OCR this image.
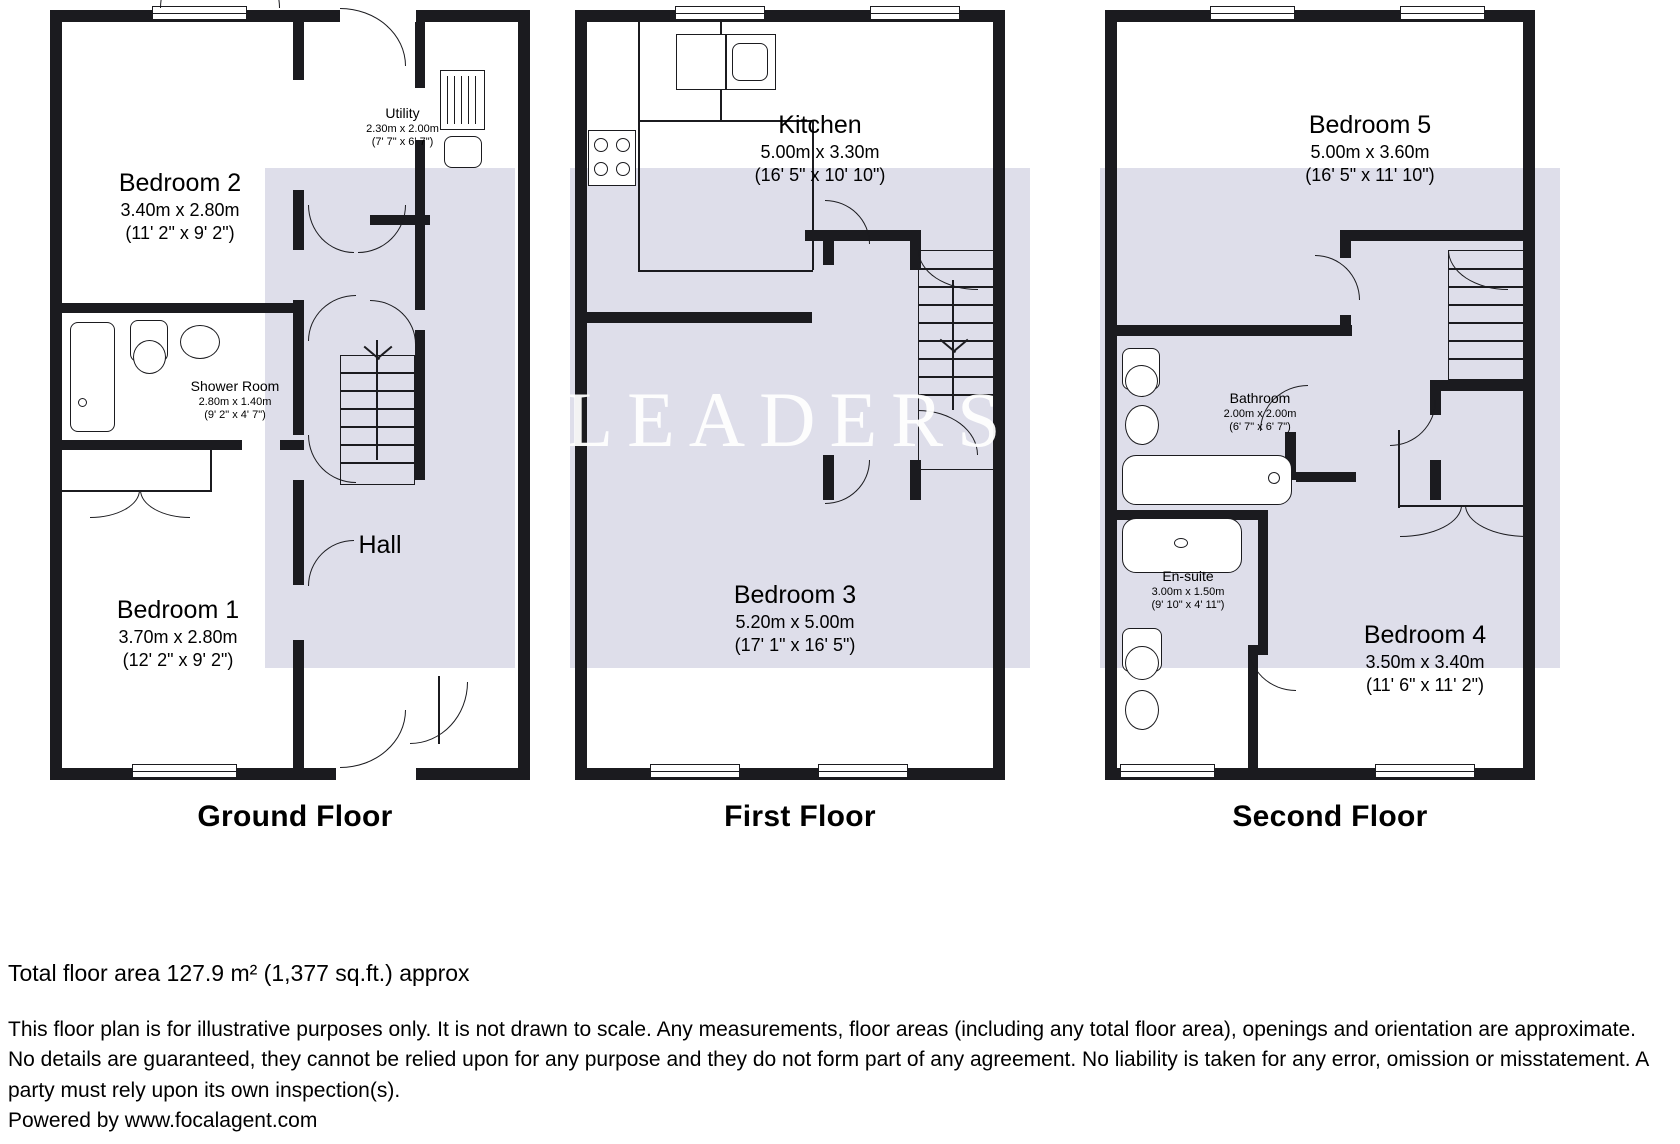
LEADERS
Bedroom 2
3.40m x 2.80m
(11' 2" x 9' 2")
Bedroom 1
3.70m x 2.80m
(12' 2" x 9' 2")
Utility
2.30m x 2.00m
(7' 7" x 6' 7")
Shower Room
2.80m x 1.40m
(9' 2" x 4' 7")
Hall
Ground Floor
Kitchen
5.00m x 3.30m
(16' 5" x 10' 10")
Bedroom 3
5.20m x 5.00m
(17' 1" x 16' 5")
First Floor
Bedroom 5
5.00m x 3.60m
(16' 5" x 11' 10")
Bathroom
2.00m x 2.00m
(6' 7" x 6' 7")
En-suite
3.00m x 1.50m
(9' 10" x 4' 11")
Bedroom 4
3.50m x 3.40m
(11' 6" x 11' 2")
Second Floor
Total floor area 127.9 m² (1,377 sq.ft.) approx
This floor plan is for illustrative purposes only. It is not drawn to scale. Any measurements, floor areas (including any total floor area), openings and orientation are approximate. No details are guaranteed, they cannot be relied upon for any purpose and they do not form part of any agreement. No liability is taken for any error, omission or misstatement. A party must rely upon its own inspection(s).
Powered by www.focalagent.com
